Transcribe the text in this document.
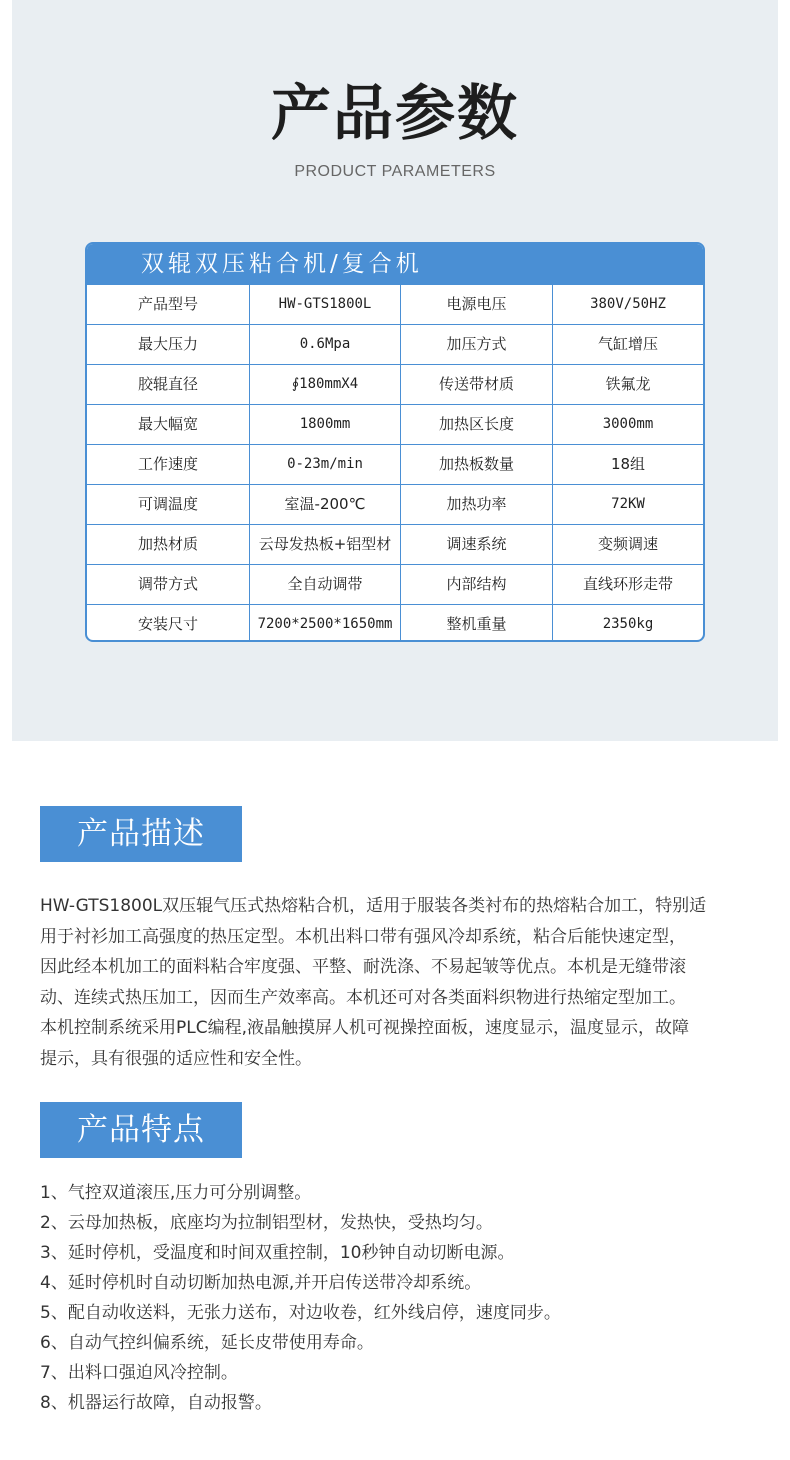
产品参数
PRODUCT PARAMETERS
双辊双压粘合机/复合机
产品型号	HW-GTS1800L	电源电压	380V/50HZ
最大压力	0.6Mpa	加压方式	气缸增压
胶辊直径	∮180mmX4	传送带材质	铁氟龙
最大幅宽	1800mm	加热区长度	3000mm
工作速度	0-23m/min	加热板数量	18组
可调温度	室温-200℃	加热功率	72KW
加热材质	云母发热板+铝型材	调速系统	变频调速
调带方式	全自动调带	内部结构	直线环形走带
安装尺寸	7200*2500*1650mm	整机重量	2350kg
产品描述
HW-GTS1800L双压辊气压式热熔粘合机，适用于服装各类衬布的热熔粘合加工，特别适
用于衬衫加工高强度的热压定型。本机出料口带有强风冷却系统，粘合后能快速定型，
因此经本机加工的面料粘合牢度强、平整、耐洗涤、不易起皱等优点。本机是无缝带滚
动、连续式热压加工，因而生产效率高。本机还可对各类面料织物进行热缩定型加工。
本机控制系统采用PLC编程,液晶触摸屏人机可视操控面板，速度显示，温度显示，故障
提示，具有很强的适应性和安全性。
产品特点
1、气控双道滚压,压力可分别调整。
2、云母加热板，底座均为拉制铝型材，发热快，受热均匀。
3、延时停机，受温度和时间双重控制，10秒钟自动切断电源。
4、延时停机时自动切断加热电源,并开启传送带冷却系统。
5、配自动收送料，无张力送布，对边收卷，红外线启停，速度同步。
6、自动气控纠偏系统，延长皮带使用寿命。
7、出料口强迫风冷控制。
8、机器运行故障，自动报警。
